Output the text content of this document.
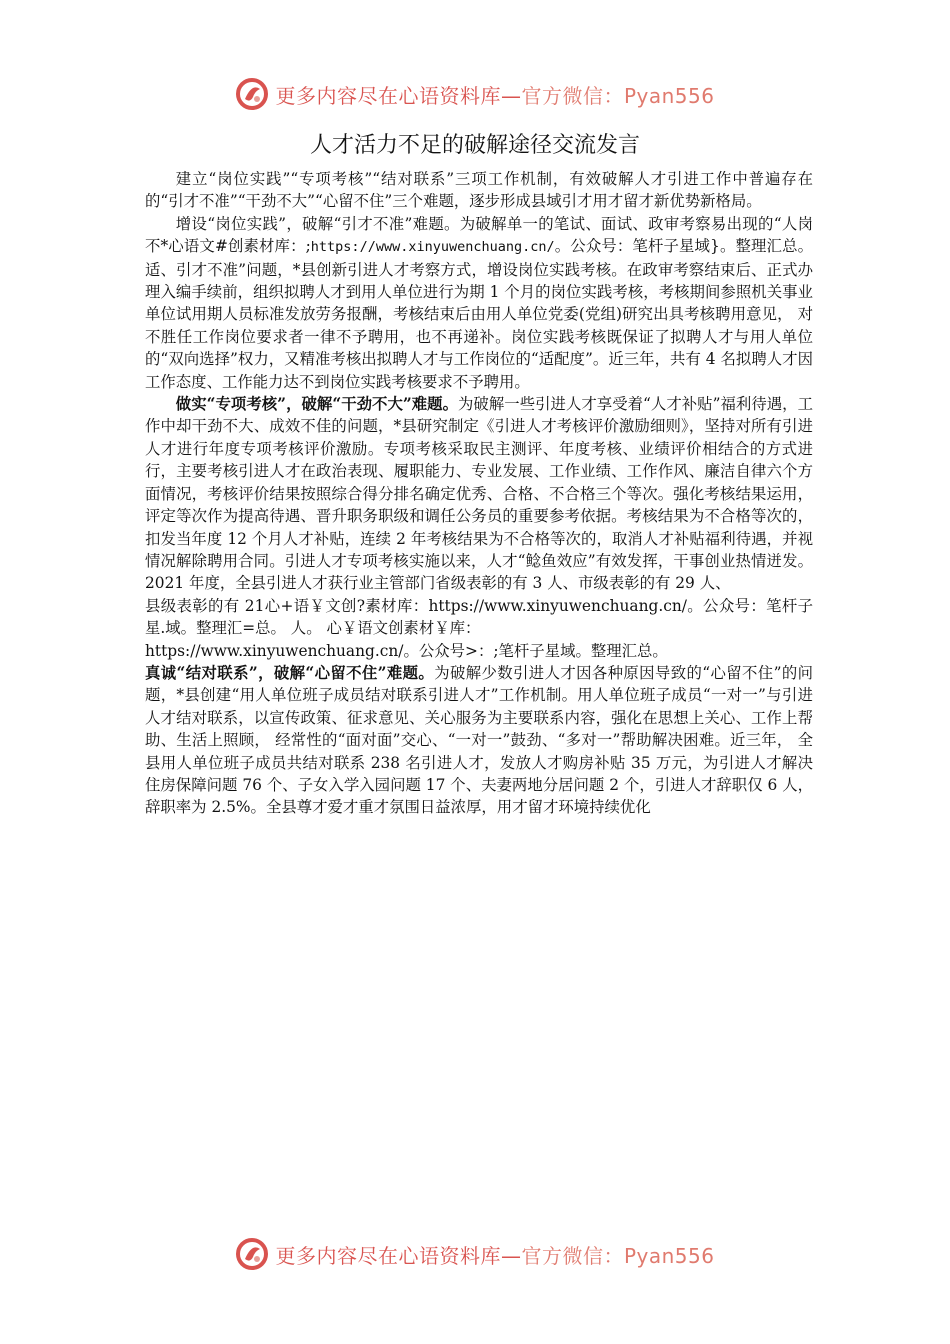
更多内容尽在心语资料库—官方微信：Pyan556
人才活力不足的破解途径交流发言

建立“岗位实践”“专项考核”“结对联系”三项工作机制，有效破解人才引进工作中普遍存在的“引才不准”“干劲不大”“心留不住”三个难题，逐步形成县域引才用才留才新优势新格局。

增设“岗位实践”，破解“引才不准”难题。为破解单一的笔试、面试、政审考察易出现的“人岗不*心语文#创素材库：;https://www.xinyuwenchuang.cn/。公众号：笔杆子星域}。整理汇总。适、引才不准”问题，*县创新引进人才考察方式，增设岗位实践考核。在政审考察结束后、正式办理入编手续前，组织拟聘人才到用人单位进行为期 1 个月的岗位实践考核，考核期间参照机关事业单位试用期人员标准发放劳务报酬，考核结束后由用人单位党委(党组)研究出具考核聘用意见， 对不胜任工作岗位要求者一律不予聘用，也不再递补。岗位实践考核既保证了拟聘人才与用人单位的“双向选择”权力，又精准考核出拟聘人才与工作岗位的“适配度”。近三年，共有 4 名拟聘人才因工作态度、工作能力达不到岗位实践考核要求不予聘用。

做实“专项考核”，破解“干劲不大”难题。为破解一些引进人才享受着“人才补贴”福利待遇，工作中却干劲不大、成效不佳的问题，*县研究制定《引进人才考核评价激励细则》，坚持对所有引进人才进行年度专项考核评价激励。专项考核采取民主测评、年度考核、业绩评价相结合的方式进行，主要考核引进人才在政治表现、履职能力、专业发展、工作业绩、工作作风、廉洁自律六个方面情况，考核评价结果按照综合得分排名确定优秀、合格、不合格三个等次。强化考核结果运用，评定等次作为提高待遇、晋升职务职级和调任公务员的重要参考依据。考核结果为不合格等次的，扣发当年度 12 个月人才补贴，连续 2 年考核结果为不合格等次的，取消人才补贴福利待遇，并视情况解除聘用合同。引进人才专项考核实施以来，人才“鲶鱼效应”有效发挥，干事创业热情迸发。2021 年度，全县引进人才获行业主管部门省级表彰的有 3 人、市级表彰的有 29 人、

县级表彰的有 21心+语￥文创?素材库：https://www.xinyuwenchuang.cn/。公众号：笔杆子星.域。整理汇=总。 人。 心￥语文创素材￥库：

https://www.xinyuwenchuang.cn/。公众号>：;笔杆子星域。整理汇总。

真诚“结对联系”，破解“心留不住”难题。为破解少数引进人才因各种原因导致的“心留不住”的问题，*县创建“用人单位班子成员结对联系引进人才”工作机制。用人单位班子成员“一对一”与引进人才结对联系，以宣传政策、征求意见、关心服务为主要联系内容，强化在思想上关心、工作上帮助、生活上照顾， 经常性的“面对面”交心、“一对一”鼓劲、“多对一”帮助解决困难。近三年， 全县用人单位班子成员共结对联系 238 名引进人才，发放人才购房补贴 35 万元，为引进人才解决住房保障问题 76 个、子女入学入园问题 17 个、夫妻两地分居问题 2 个，引进人才辞职仅 6 人，辞职率为 2.5%。全县尊才爱才重才氛围日益浓厚，用才留才环境持续优化

更多内容尽在心语资料库—官方微信：Pyan556
